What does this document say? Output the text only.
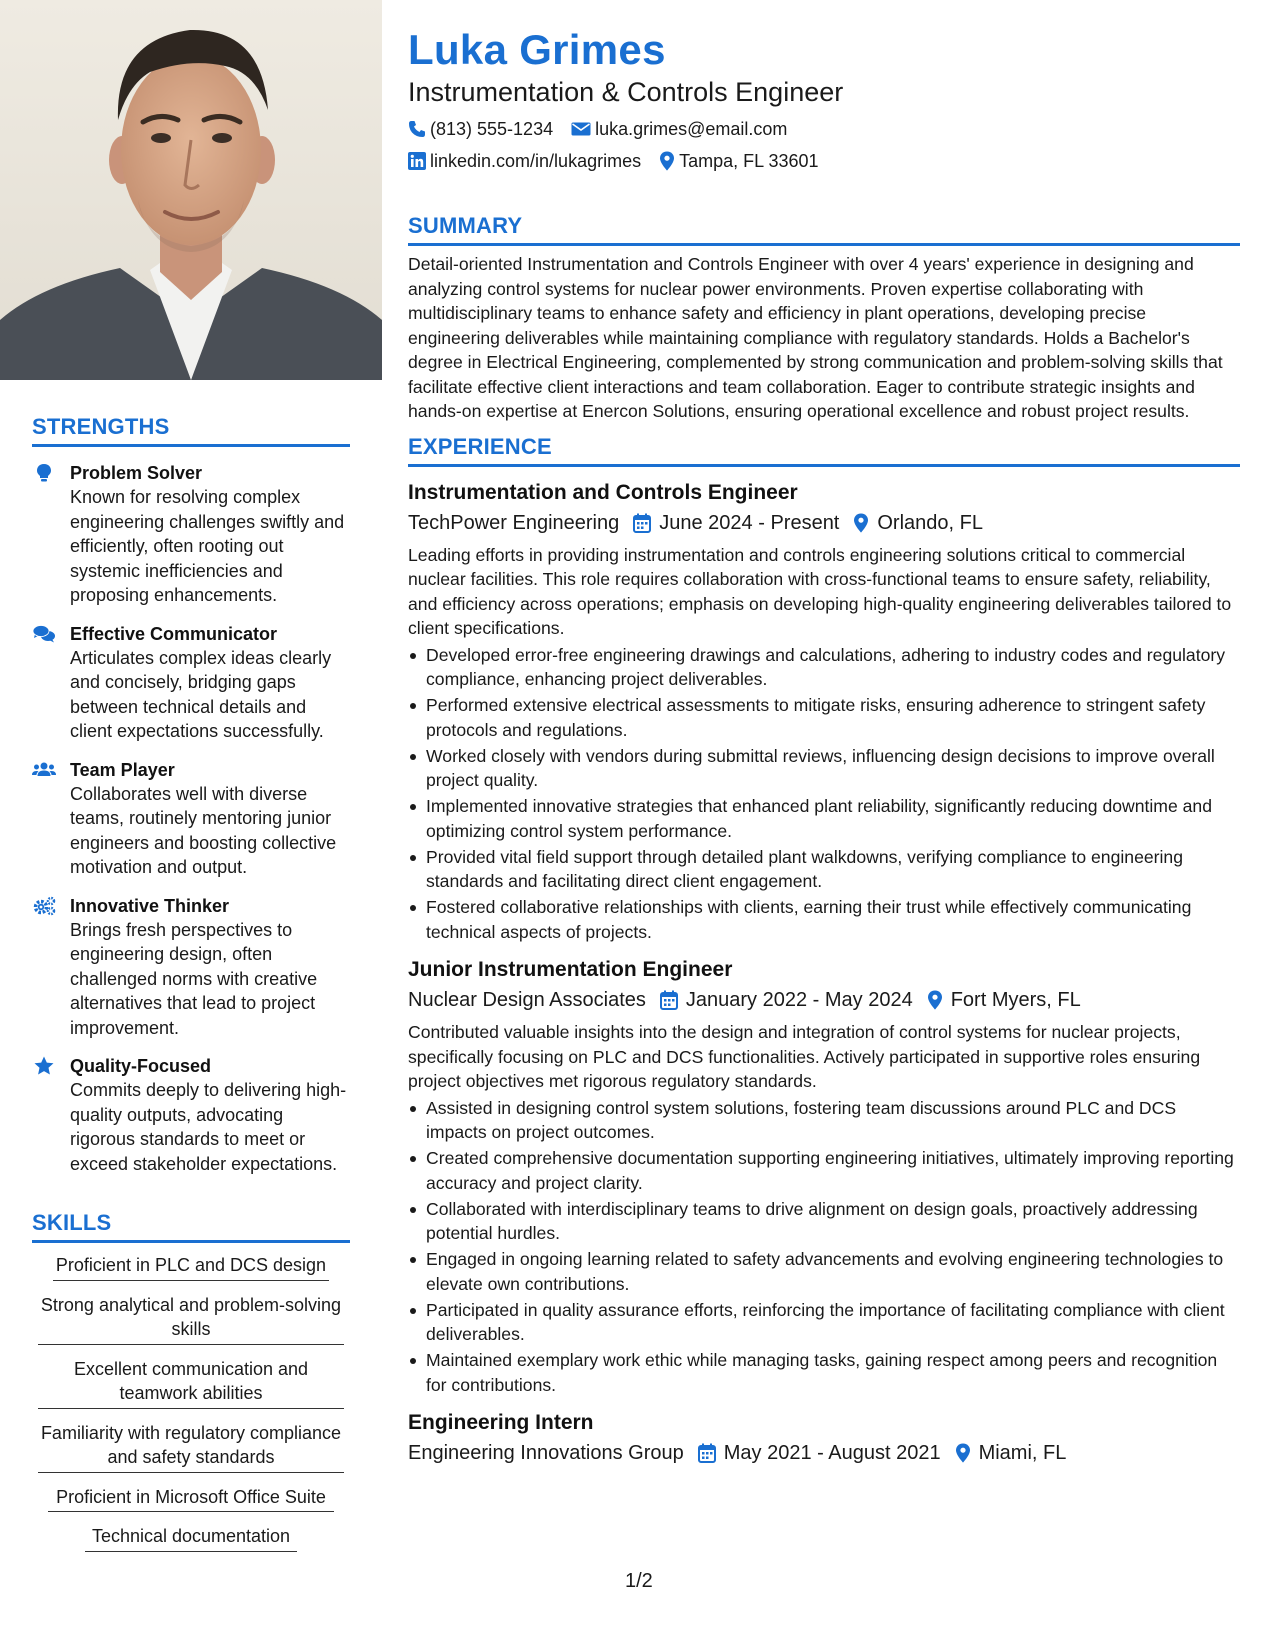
STRENGTHS
Problem Solver
Known for resolving complex engineering challenges swiftly and efficiently, often rooting out systemic inefficiencies and proposing enhancements.
Effective Communicator
Articulates complex ideas clearly and concisely, bridging gaps between technical details and client expectations successfully.
Team Player
Collaborates well with diverse teams, routinely mentoring junior engineers and boosting collective motivation and output.
Innovative Thinker
Brings fresh perspectives to engineering design, often challenged norms with creative alternatives that lead to project improvement.
Quality-Focused
Commits deeply to delivering high-quality outputs, advocating rigorous standards to meet or exceed stakeholder expectations.
SKILLS
Proficient in PLC and DCS design
Strong analytical and problem-solving skills
Excellent communication and teamwork abilities
Familiarity with regulatory compliance and safety standards
Proficient in Microsoft Office Suite
Technical documentation
Luka Grimes
Instrumentation & Controls Engineer
(813) 555-1234 luka.grimes@email.com
linkedin.com/in/lukagrimes Tampa, FL 33601
SUMMARY
Detail-oriented Instrumentation and Controls Engineer with over 4 years' experience in designing and analyzing control systems for nuclear power environments. Proven expertise collaborating with multidisciplinary teams to enhance safety and efficiency in plant operations, developing precise engineering deliverables while maintaining compliance with regulatory standards. Holds a Bachelor's degree in Electrical Engineering, complemented by strong communication and problem-solving skills that facilitate effective client interactions and team collaboration. Eager to contribute strategic insights and hands-on expertise at Enercon Solutions, ensuring operational excellence and robust project results.
EXPERIENCE
Instrumentation and Controls Engineer
TechPower Engineering June 2024 - Present Orlando, FL
Leading efforts in providing instrumentation and controls engineering solutions critical to commercial nuclear facilities. This role requires collaboration with cross-functional teams to ensure safety, reliability, and efficiency across operations; emphasis on developing high-quality engineering deliverables tailored to client specifications.
Developed error-free engineering drawings and calculations, adhering to industry codes and regulatory compliance, enhancing project deliverables.
Performed extensive electrical assessments to mitigate risks, ensuring adherence to stringent safety protocols and regulations.
Worked closely with vendors during submittal reviews, influencing design decisions to improve overall project quality.
Implemented innovative strategies that enhanced plant reliability, significantly reducing downtime and optimizing control system performance.
Provided vital field support through detailed plant walkdowns, verifying compliance to engineering standards and facilitating direct client engagement.
Fostered collaborative relationships with clients, earning their trust while effectively communicating technical aspects of projects.
Junior Instrumentation Engineer
Nuclear Design Associates January 2022 - May 2024 Fort Myers, FL
Contributed valuable insights into the design and integration of control systems for nuclear projects, specifically focusing on PLC and DCS functionalities. Actively participated in supportive roles ensuring project objectives met rigorous regulatory standards.
Assisted in designing control system solutions, fostering team discussions around PLC and DCS impacts on project outcomes.
Created comprehensive documentation supporting engineering initiatives, ultimately improving reporting accuracy and project clarity.
Collaborated with interdisciplinary teams to drive alignment on design goals, proactively addressing potential hurdles.
Engaged in ongoing learning related to safety advancements and evolving engineering technologies to elevate own contributions.
Participated in quality assurance efforts, reinforcing the importance of facilitating compliance with client deliverables.
Maintained exemplary work ethic while managing tasks, gaining respect among peers and recognition for contributions.
Engineering Intern
Engineering Innovations Group May 2021 - August 2021 Miami, FL
1/2
